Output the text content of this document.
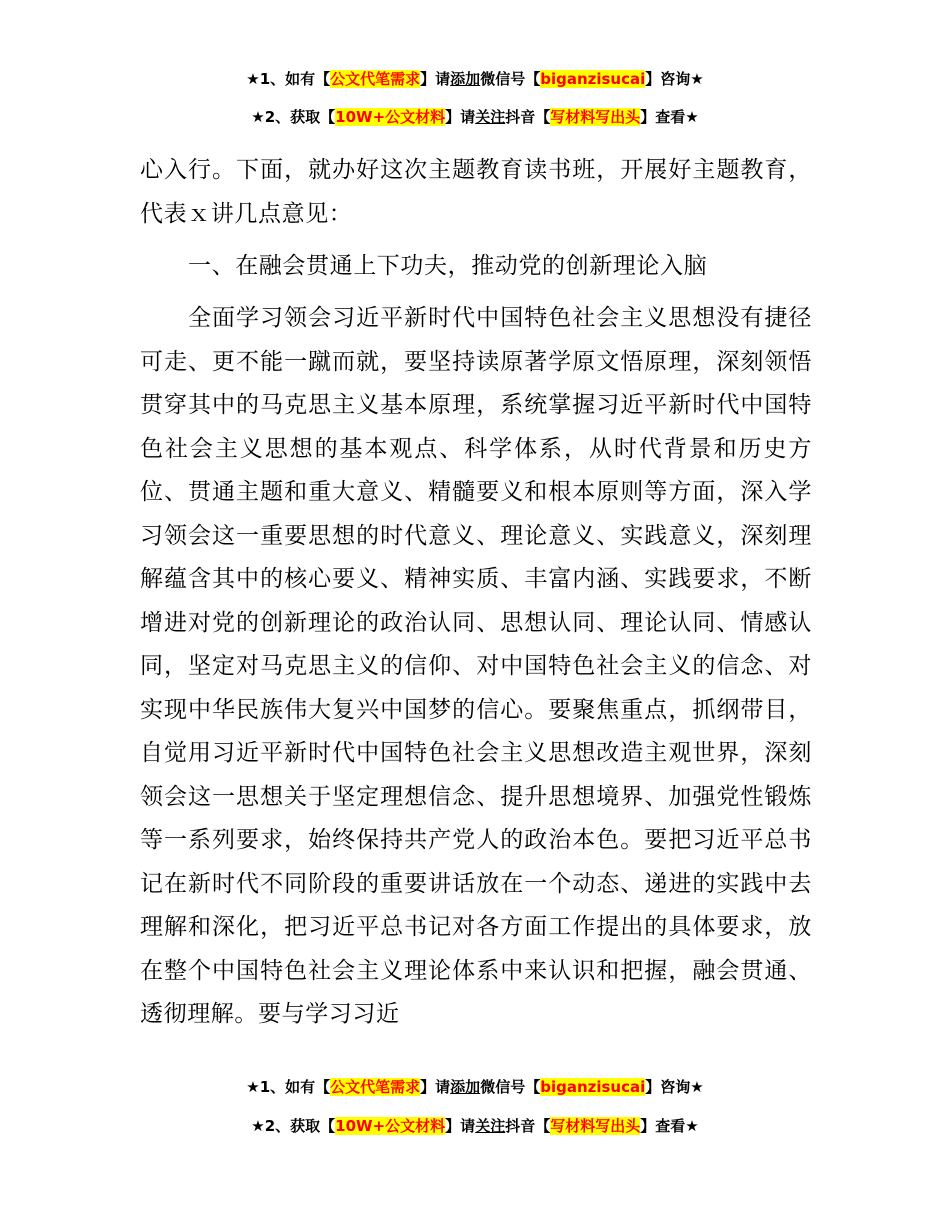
★1、如有【公文代笔需求】请添加微信号【biganzisucai】咨询★
★2、获取【10W+公文材料】请关注抖音【写材料写出头】查看★
心入行。下面，就办好这次主题教育读书班，开展好主题教育，代表ｘ讲几点意见：
一、在融会贯通上下功夫，推动党的创新理论入脑
全面学习领会习近平新时代中国特色社会主义思想没有捷径可走、更不能一蹴而就，要坚持读原著学原文悟原理，深刻领悟贯穿其中的马克思主义基本原理，系统掌握习近平新时代中国特色社会主义思想的基本观点、科学体系，从时代背景和历史方位、贯通主题和重大意义、精髓要义和根本原则等方面，深入学习领会这一重要思想的时代意义、理论意义、实践意义，深刻理解蕴含其中的核心要义、精神实质、丰富内涵、实践要求，不断增进对党的创新理论的政治认同、思想认同、理论认同、情感认同，坚定对马克思主义的信仰、对中国特色社会主义的信念、对实现中华民族伟大复兴中国梦的信心。要聚焦重点，抓纲带目，自觉用习近平新时代中国特色社会主义思想改造主观世界，深刻领会这一思想关于坚定理想信念、提升思想境界、加强党性锻炼等一系列要求，始终保持共产党人的政治本色。要把习近平总书记在新时代不同阶段的重要讲话放在一个动态、递进的实践中去理解和深化，把习近平总书记对各方面工作提出的具体要求，放在整个中国特色社会主义理论体系中来认识和把握，融会贯通、透彻理解。要与学习习近
★1、如有【公文代笔需求】请添加微信号【biganzisucai】咨询★
★2、获取【10W+公文材料】请关注抖音【写材料写出头】查看★
